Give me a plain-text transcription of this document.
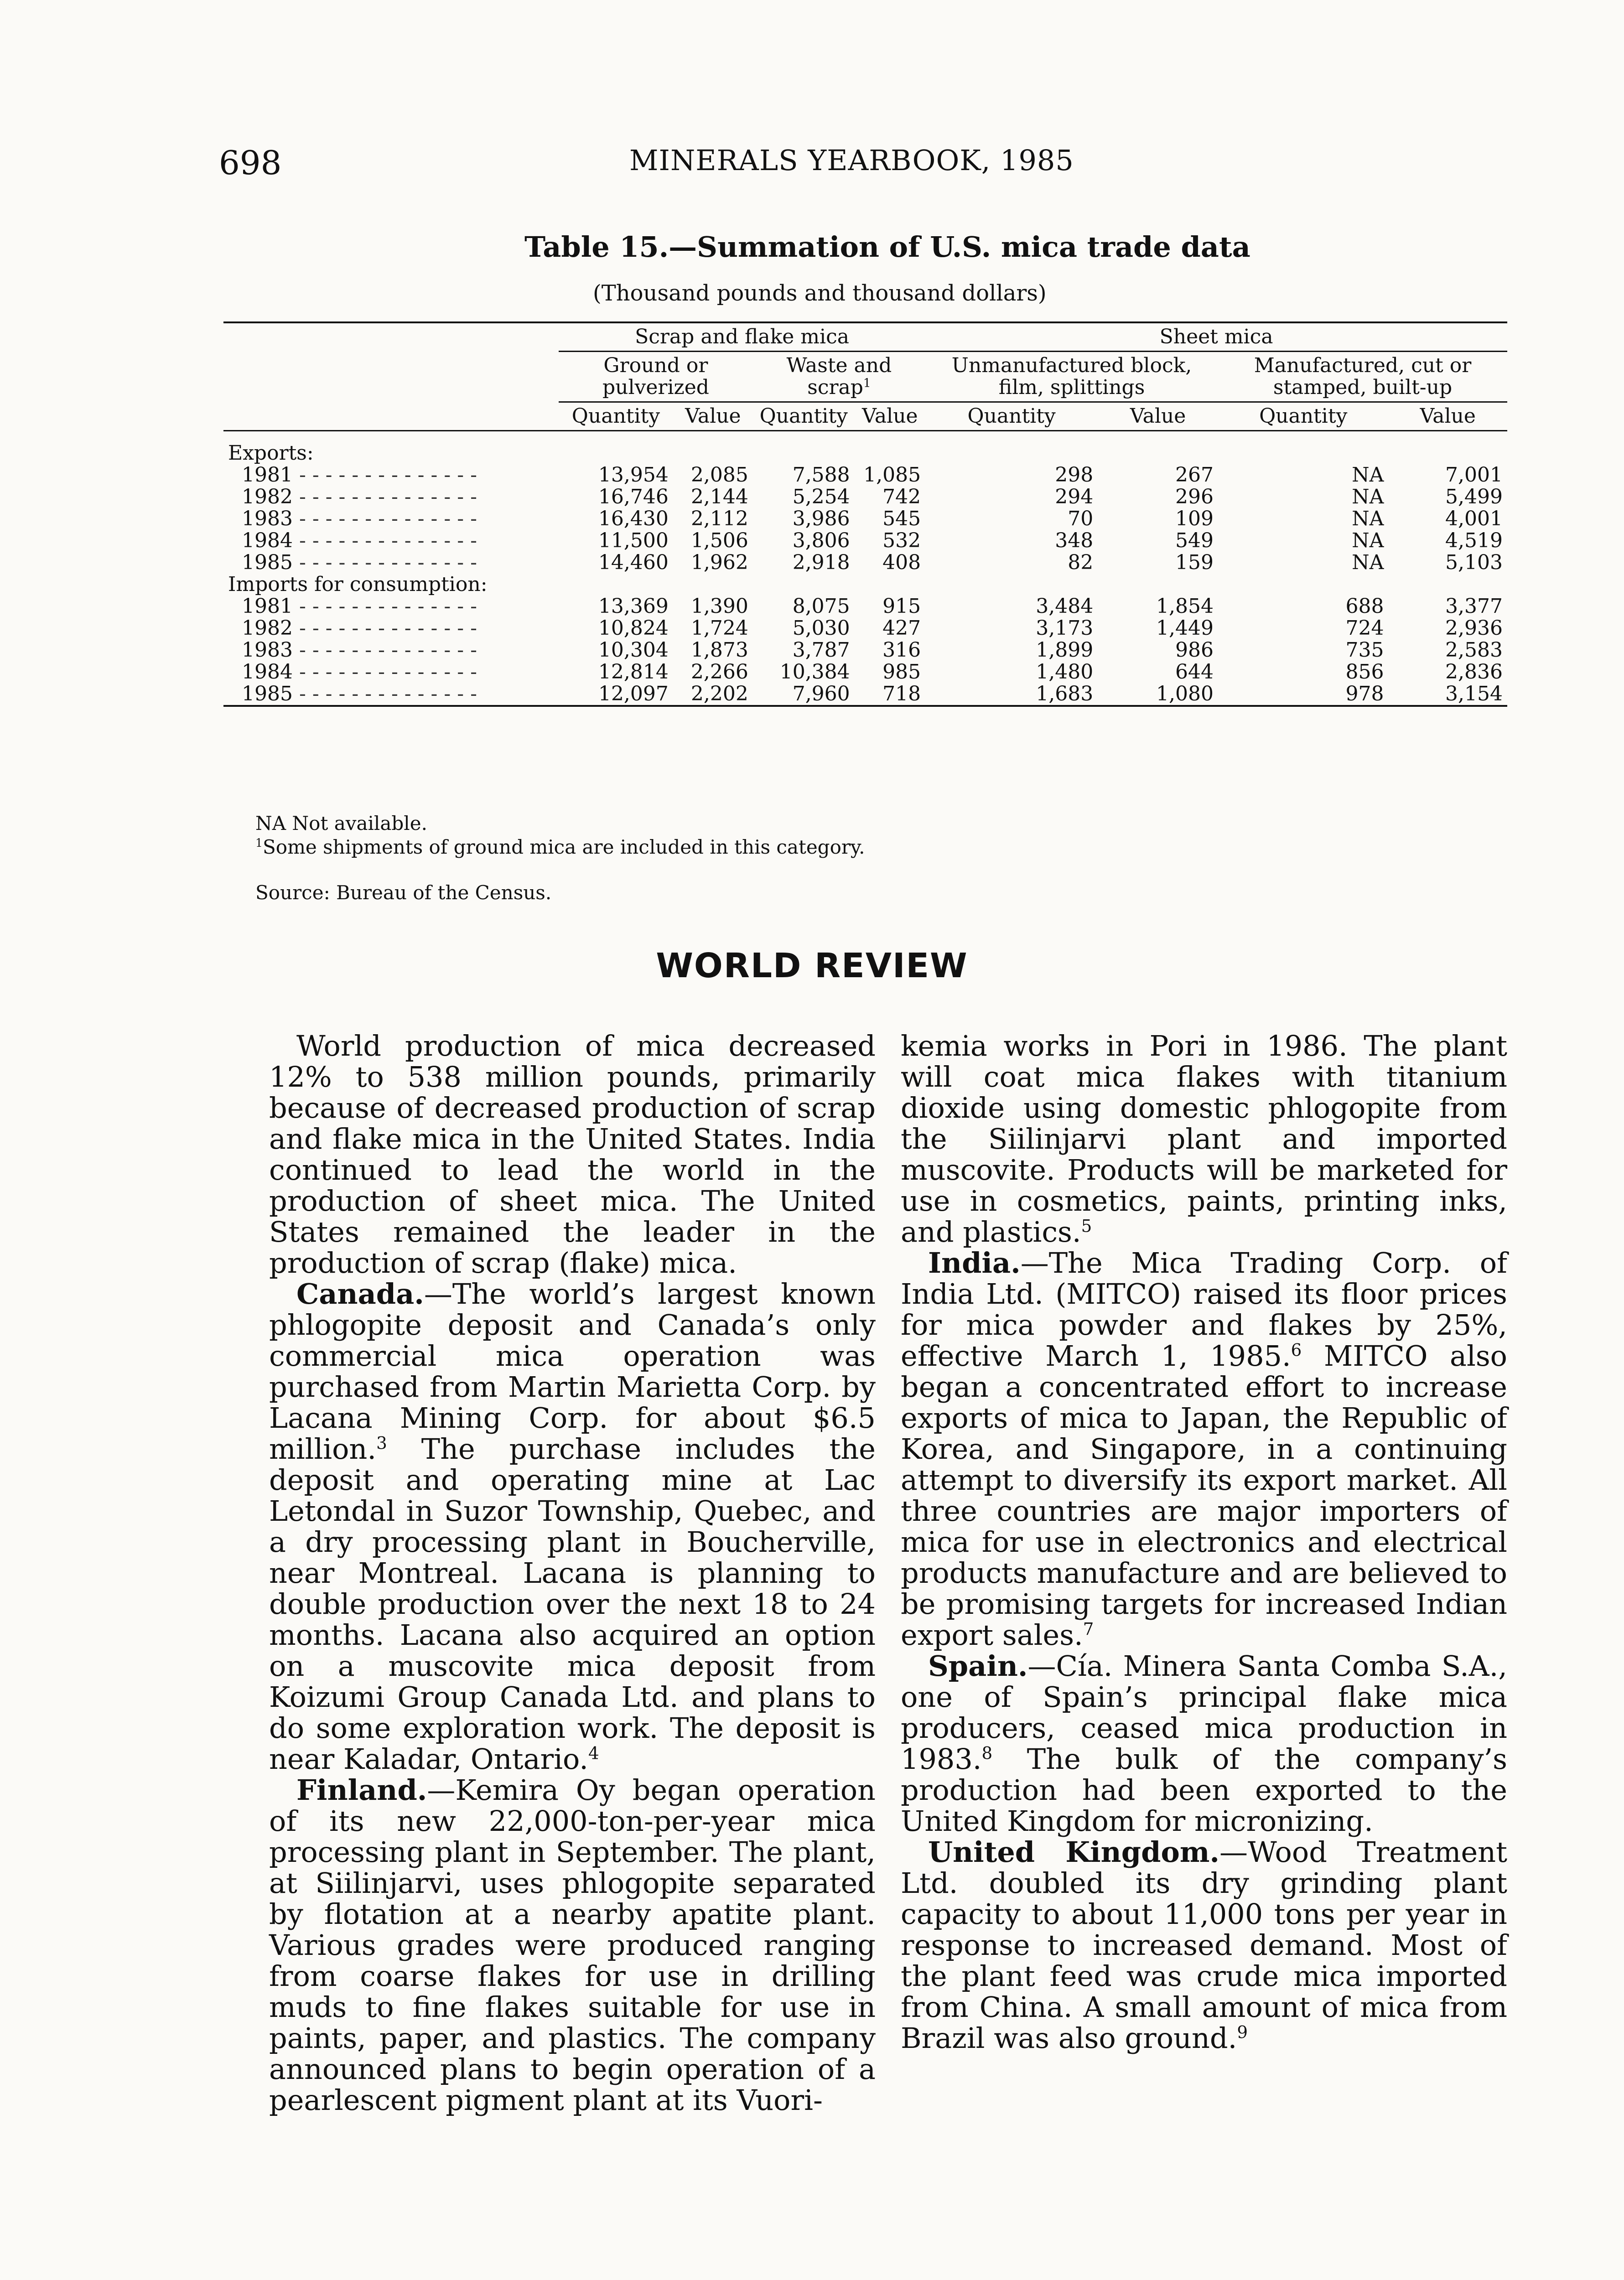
698	MINERALS YEARBOOK, 1985
Table 15.—Summation of U.S. mica trade data
(Thousand pounds and thousand dollars)
	Scrap and flake mica				Sheet mica			
	Ground or pulverized		Waste and scrap$^1$		Unmanufactured block, film, splittings		Manufactured, cut or stamped, built-up	
	Quantity	Value	Quantity	Value	Quantity	Value	Quantity	Value

Exports:								
1981 - - -	13,954	2,085	7,588	1,085	298	267	NA	7,001
1982 - - -	16,746	2,144	5,254	742	294	296	NA	5,499
1983 - - -	16,430	2,112	3,986	545	70	109	NA	4,001
1984 - - -	11,500	1,506	3,806	532	348	549	NA	4,519
1985 - - -	14,460	1,962	2,918	408	82	159	NA	5,103
Imports for consumption:								
1981 - - -	13,369	1,390	8,075	915	3,484	1,854	688	3,377
1982 - - -	10,824	1,724	5,030	427	3,173	1,449	724	2,936
1983 - - -	10,304	1,873	3,787	316	1,899	986	735	2,583
1984 - - -	12,814	2,266	10,384	985	1,480	644	856	2,836
1985 - - -	12,097	2,202	7,960	718	1,683	1,080	978	3,154
NA Not available.
$^1$Some shipments of ground mica are included in this category.
Source: Bureau of the Census.
WORLD REVIEW

World production of mica decreased 12% to 538 million pounds, primarily because of decreased production of scrap and flake mica in the United States. India continued to lead the world in the production of sheet mica. The United States remained the leader in the production of scrap (flake) mica.

Canada.—The world’s largest known phlogopite deposit and Canada’s only commercial mica operation was purchased from Martin Marietta Corp. by Lacana Mining Corp. for about $6.5 million.$^3$ The purchase includes the deposit and operating mine at Lac Letondal in Suzor Township, Quebec, and a dry processing plant in Boucherville, near Montreal. Lacana is planning to double production over the next 18 to 24 months. Lacana also acquired an option on a muscovite mica deposit from Koizumi Group Canada Ltd. and plans to do some exploration work. The deposit is near Kaladar, Ontario.$^4$

Finland.—Kemira Oy began operation of its new 22,000-ton-per-year mica processing plant in September. The plant, at Siilinjarvi, uses phlogopite separated by flotation at a nearby apatite plant. Various grades were produced ranging from coarse flakes for use in drilling muds to fine flakes suitable for use in paints, paper, and plastics. The company announced plans to begin operation of a pearlescent pigment plant at its Vuori-

kemia works in Pori in 1986. The plant will coat mica flakes with titanium dioxide using domestic phlogopite from the Siilinjarvi plant and imported muscovite. Products will be marketed for use in cosmetics, paints, printing inks, and plastics.$^5$

India.—The Mica Trading Corp. of India Ltd. (MITCO) raised its floor prices for mica powder and flakes by 25%, effective March 1, 1985.$^6$ MITCO also began a concentrated effort to increase exports of mica to Japan, the Republic of Korea, and Singapore, in a continuing attempt to diversify its export market. All three countries are major importers of mica for use in electronics and electrical products manufacture and are believed to be promising targets for increased Indian export sales.$^7$

Spain.—Cía. Minera Santa Comba S.A., one of Spain’s principal flake mica producers, ceased mica production in 1983.$^8$ The bulk of the company’s production had been exported to the United Kingdom for micronizing.

United Kingdom.—Wood Treatment Ltd. doubled its dry grinding plant capacity to about 11,000 tons per year in response to increased demand. Most of the plant feed was crude mica imported from China. A small amount of mica from Brazil was also ground.$^9$
